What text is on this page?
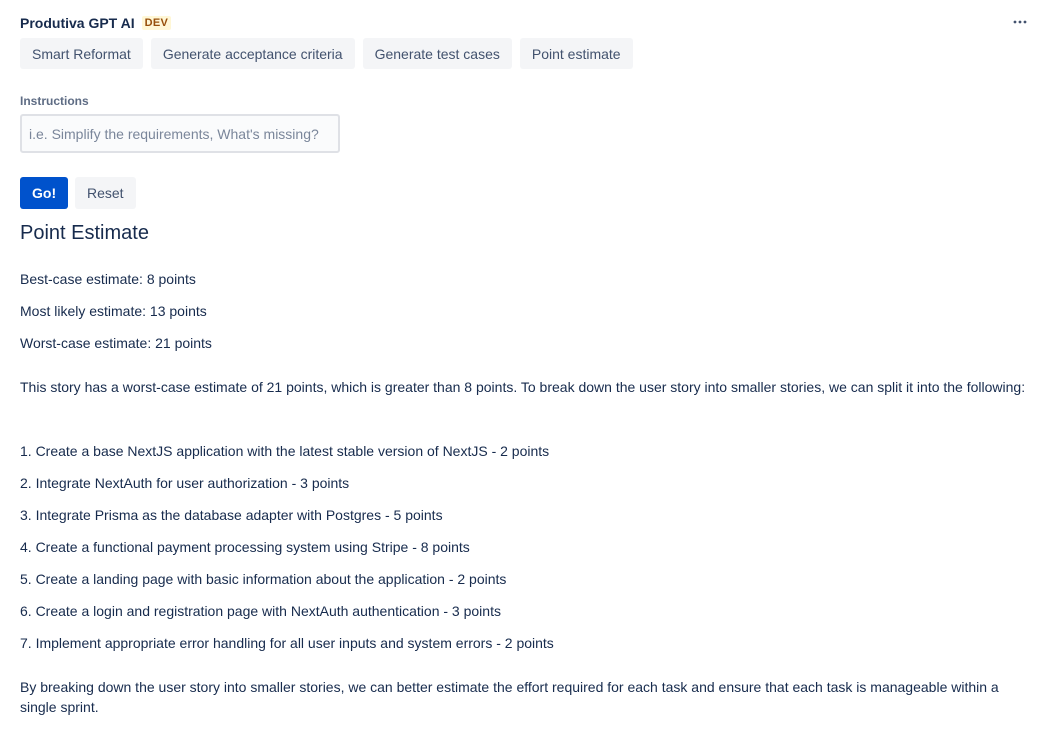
Produtiva GPT AI DEV
Smart Reformat	Generate acceptance criteria	Generate test cases	Point estimate
Instructions
i.e. Simplify the requirements, What's missing?
Go!	Reset
Point Estimate

Best-case estimate: 8 points

Most likely estimate: 13 points

Worst-case estimate: 21 points

This story has a worst-case estimate of 21 points, which is greater than 8 points. To break down the user story into smaller stories, we can split it into the following:

1. Create a base NextJS application with the latest stable version of NextJS - 2 points

2. Integrate NextAuth for user authorization - 3 points

3. Integrate Prisma as the database adapter with Postgres - 5 points

4. Create a functional payment processing system using Stripe - 8 points

5. Create a landing page with basic information about the application - 2 points

6. Create a login and registration page with NextAuth authentication - 3 points

7. Implement appropriate error handling for all user inputs and system errors - 2 points

By breaking down the user story into smaller stories, we can better estimate the effort required for each task and ensure that each task is manageable within a single sprint.
